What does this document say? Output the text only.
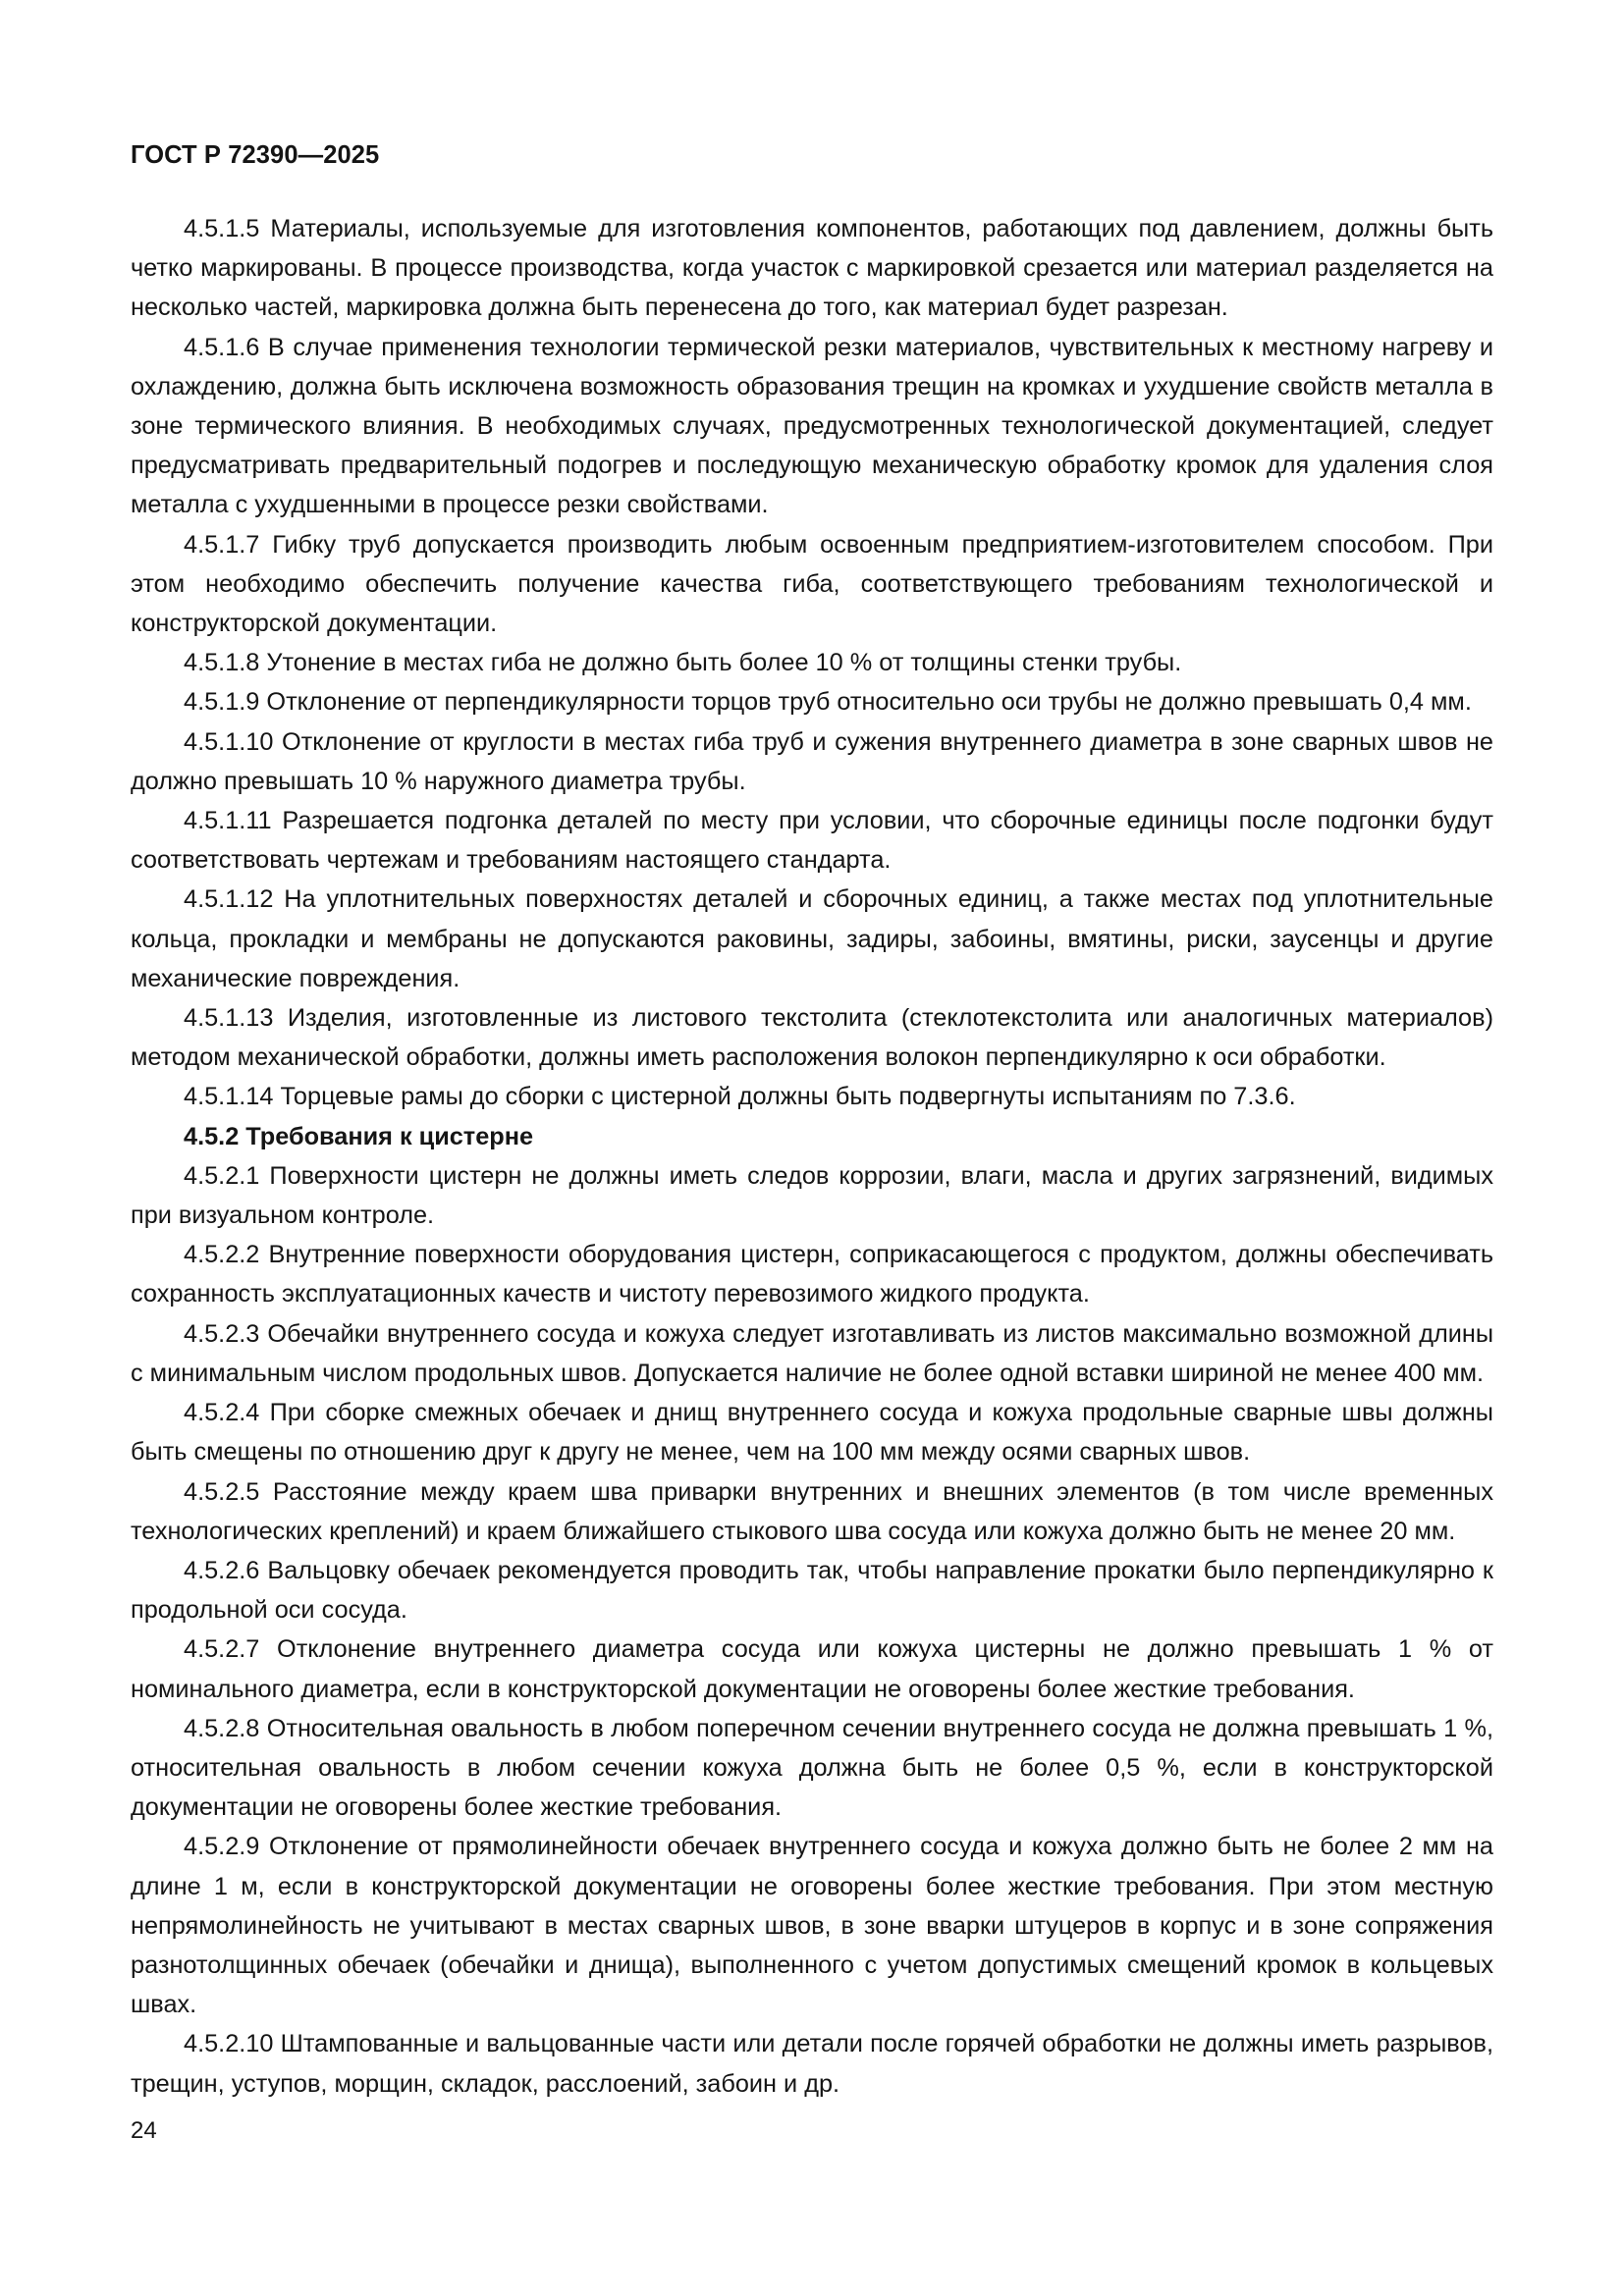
ГОСТ Р 72390—2025

4.5.1.5 Материалы, используемые для изготовления компонентов, работающих под давлением, должны быть четко маркированы. В процессе производства, когда участок с маркировкой срезается или материал разделяется на несколько частей, маркировка должна быть перенесена до того, как материал будет разрезан.

4.5.1.6 В случае применения технологии термической резки материалов, чувствительных к местному нагреву и охлаждению, должна быть исключена возможность образования трещин на кромках и ухудшение свойств металла в зоне термического влияния. В необходимых случаях, предусмотренных технологической документацией, следует предусматривать предварительный подогрев и последующую механическую обработку кромок для удаления слоя металла с ухудшенными в процессе резки свойствами.

4.5.1.7 Гибку труб допускается производить любым освоенным предприятием-изготовителем способом. При этом необходимо обеспечить получение качества гиба, соответствующего требованиям технологической и конструкторской документации.

4.5.1.8 Утонение в местах гиба не должно быть более 10 % от толщины стенки трубы.

4.5.1.9 Отклонение от перпендикулярности торцов труб относительно оси трубы не должно превышать 0,4 мм.

4.5.1.10 Отклонение от круглости в местах гиба труб и сужения внутреннего диаметра в зоне сварных швов не должно превышать 10 % наружного диаметра трубы.

4.5.1.11 Разрешается подгонка деталей по месту при условии, что сборочные единицы после подгонки будут соответствовать чертежам и требованиям настоящего стандарта.

4.5.1.12 На уплотнительных поверхностях деталей и сборочных единиц, а также местах под уплотнительные кольца, прокладки и мембраны не допускаются раковины, задиры, забоины, вмятины, риски, заусенцы и другие механические повреждения.

4.5.1.13 Изделия, изготовленные из листового текстолита (стеклотекстолита или аналогичных материалов) методом механической обработки, должны иметь расположения волокон перпендикулярно к оси обработки.

4.5.1.14 Торцевые рамы до сборки с цистерной должны быть подвергнуты испытаниям по 7.3.6.

4.5.2 Требования к цистерне

4.5.2.1 Поверхности цистерн не должны иметь следов коррозии, влаги, масла и других загрязнений, видимых при визуальном контроле.

4.5.2.2 Внутренние поверхности оборудования цистерн, соприкасающегося с продуктом, должны обеспечивать сохранность эксплуатационных качеств и чистоту перевозимого жидкого продукта.

4.5.2.3 Обечайки внутреннего сосуда и кожуха следует изготавливать из листов максимально возможной длины с минимальным числом продольных швов. Допускается наличие не более одной вставки шириной не менее 400 мм.

4.5.2.4 При сборке смежных обечаек и днищ внутреннего сосуда и кожуха продольные сварные швы должны быть смещены по отношению друг к другу не менее, чем на 100 мм между осями сварных швов.

4.5.2.5 Расстояние между краем шва приварки внутренних и внешних элементов (в том числе временных технологических креплений) и краем ближайшего стыкового шва сосуда или кожуха должно быть не менее 20 мм.

4.5.2.6 Вальцовку обечаек рекомендуется проводить так, чтобы направление прокатки было перпендикулярно к продольной оси сосуда.

4.5.2.7 Отклонение внутреннего диаметра сосуда или кожуха цистерны не должно превышать 1 % от номинального диаметра, если в конструкторской документации не оговорены более жесткие требования.

4.5.2.8 Относительная овальность в любом поперечном сечении внутреннего сосуда не должна превышать 1 %, относительная овальность в любом сечении кожуха должна быть не более 0,5 %, если в конструкторской документации не оговорены более жесткие требования.

4.5.2.9 Отклонение от прямолинейности обечаек внутреннего сосуда и кожуха должно быть не более 2 мм на длине 1 м, если в конструкторской документации не оговорены более жесткие требования. При этом местную непрямолинейность не учитывают в местах сварных швов, в зоне вварки штуцеров в корпус и в зоне сопряжения разнотолщинных обечаек (обечайки и днища), выполненного с учетом допустимых смещений кромок в кольцевых швах.

4.5.2.10 Штампованные и вальцованные части или детали после горячей обработки не должны иметь разрывов, трещин, уступов, морщин, складок, расслоений, забоин и др.

24
